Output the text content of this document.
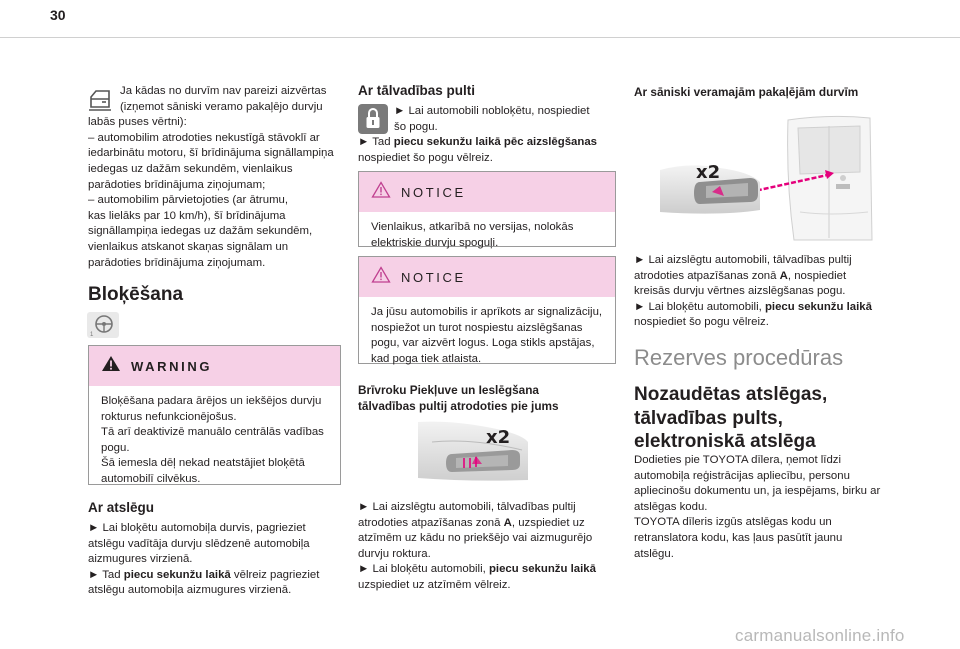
30

Ja kādas no durvīm nav pareizi aizvērtas

(izņemot sāniski veramo pakaļējo durvju

labās puses vērtni):

– automobilim atrodoties nekustīgā stāvoklī ar

iedarbinātu motoru, šī brīdinājuma signāllampiņa

iedegas uz dažām sekundēm, vienlaikus

parādoties brīdinājuma ziņojumam;

– automobilim pārvietojoties (ar ātrumu,

kas lielāks par 10 km/h), šī brīdinājuma

signāllampiņa iedegas uz dažām sekundēm,

vienlaikus atskanot skaņas signālam un

parādoties brīdinājuma ziņojumam.

Bloķēšana
1
WARNING

Bloķēšana padara ārējos un iekšējos durvju

rokturus nefunkcionējošus.

Tā arī deaktivizē manuālo centrālās vadības

pogu.

Šā iemesla dēļ nekad neatstājiet bloķētā

automobilī cilvēkus.

Ar atslēgu

► Lai bloķētu automobiļa durvis, pagrieziet

atslēgu vadītāja durvju slēdzenē automobiļa

aizmugures virzienā.

► Tad piecu sekunžu laikā vēlreiz pagrieziet

atslēgu automobiļa aizmugures virzienā.

Ar tālvadības pulti

► Lai automobili nobloķētu, nospiediet

šo pogu.

► Tad piecu sekunžu laikā pēc aizslēgšanas

nospiediet šo pogu vēlreiz.

NOTICE

Vienlaikus, atkarībā no versijas, nolokās

elektriskie durvju spoguļi.

NOTICE

Ja jūsu automobilis ir aprīkots ar signalizāciju,

nospiežot un turot nospiestu aizslēgšanas

pogu, var aizvērt logus. Loga stikls apstājas,

kad poga tiek atlaista.

Brīvroku Piekļuve un Ieslēgšana
tālvadības pultij atrodoties pie jums
x2

► Lai aizslēgtu automobili, tālvadības pultij

atrodoties atpazīšanas zonā A, uzspiediet uz

atzīmēm uz kādu no priekšējo vai aizmugurējo

durvju roktura.

► Lai bloķētu automobili, piecu sekunžu laikā

uzspiediet uz atzīmēm vēlreiz.

Ar sāniski veramajām pakaļējām durvīm
x2

► Lai aizslēgtu automobili, tālvadības pultij

atrodoties atpazīšanas zonā A, nospiediet

kreisās durvju vērtnes aizslēgšanas pogu.

► Lai bloķētu automobili, piecu sekunžu laikā

nospiediet šo pogu vēlreiz.

Rezerves procedūras
Nozaudētas atslēgas,
tālvadības pults,
elektroniskā atslēga

Dodieties pie TOYOTA dīlera, ņemot līdzi

automobiļa reģistrācijas apliecību, personu

apliecinošu dokumentu un, ja iespējams, birku ar

atslēgas kodu.

TOYOTA dīleris izgūs atslēgas kodu un

retranslatora kodu, kas ļaus pasūtīt jaunu

atslēgu.

carmanualsonline.info
